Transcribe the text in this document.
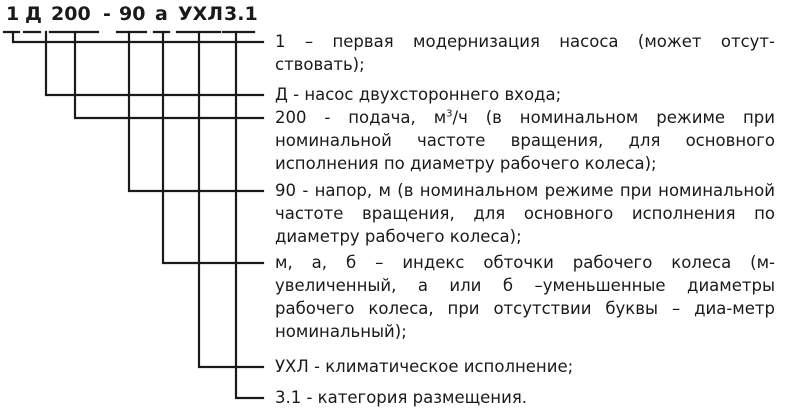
1 Д 200 - 90 а УХЛ 3.1
1 – первая модернизация насоса (может отсут-ствовать);
Д - насос двухстороннего входа;
200 - подача, $м^3/ч$ (в номинальном режиме при номинальной частоте вращения, для основного исполнения по диаметру рабочего колеса);
90 - напор, м (в номинальном режиме при номинальной частоте вращения, для основного исполнения по диаметру рабочего колеса);
м, а, б – индекс обточки рабочего колеса (м-увеличенный, а или б –уменьшенные диаметры рабочего колеса, при отсутствии буквы – диа-метр номинальный);
УХЛ - климатическое исполнение;
3.1 - категория размещения.
